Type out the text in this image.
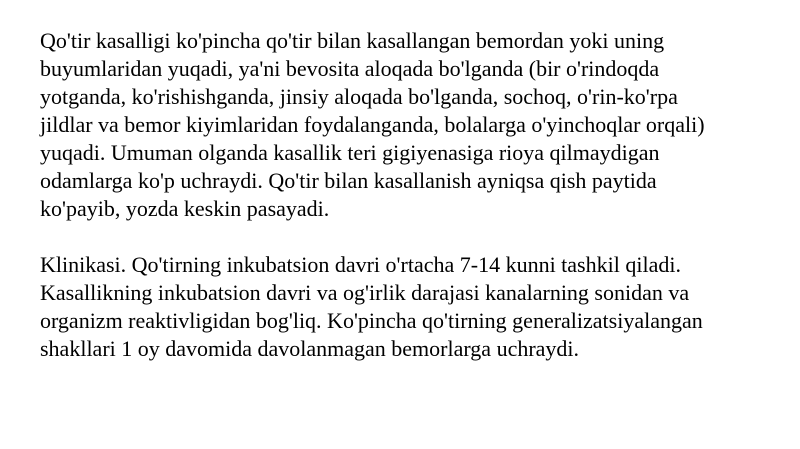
Qo'tir kasalligi ko'pincha qo'tir bilan kasallangan bemordan yoki uning
buyumlaridan yuqadi, ya'ni bevosita aloqada bo'lganda (bir o'rindoqda
yotganda, ko'rishishganda, jinsiy aloqada bo'lganda, sochoq, o'rin-ko'rpa
jildlar va bemor kiyimlaridan foydalanganda, bolalarga o'yinchoqlar orqali)
yuqadi. Umuman olganda kasallik teri gigiyenasiga rioya qilmaydigan
odamlarga ko'p uchraydi. Qo'tir bilan kasallanish ayniqsa qish paytida
ko'payib, yozda keskin pasayadi.

Klinikasi. Qo'tirning inkubatsion davri o'rtacha 7-14 kunni tashkil qiladi.
Kasallikning inkubatsion davri va og'irlik darajasi kanalarning sonidan va
organizm reaktivligidan bog'liq. Ko'pincha qo'tirning generalizatsiyalangan
shakllari 1 oy davomida davolanmagan bemorlarga uchraydi.
